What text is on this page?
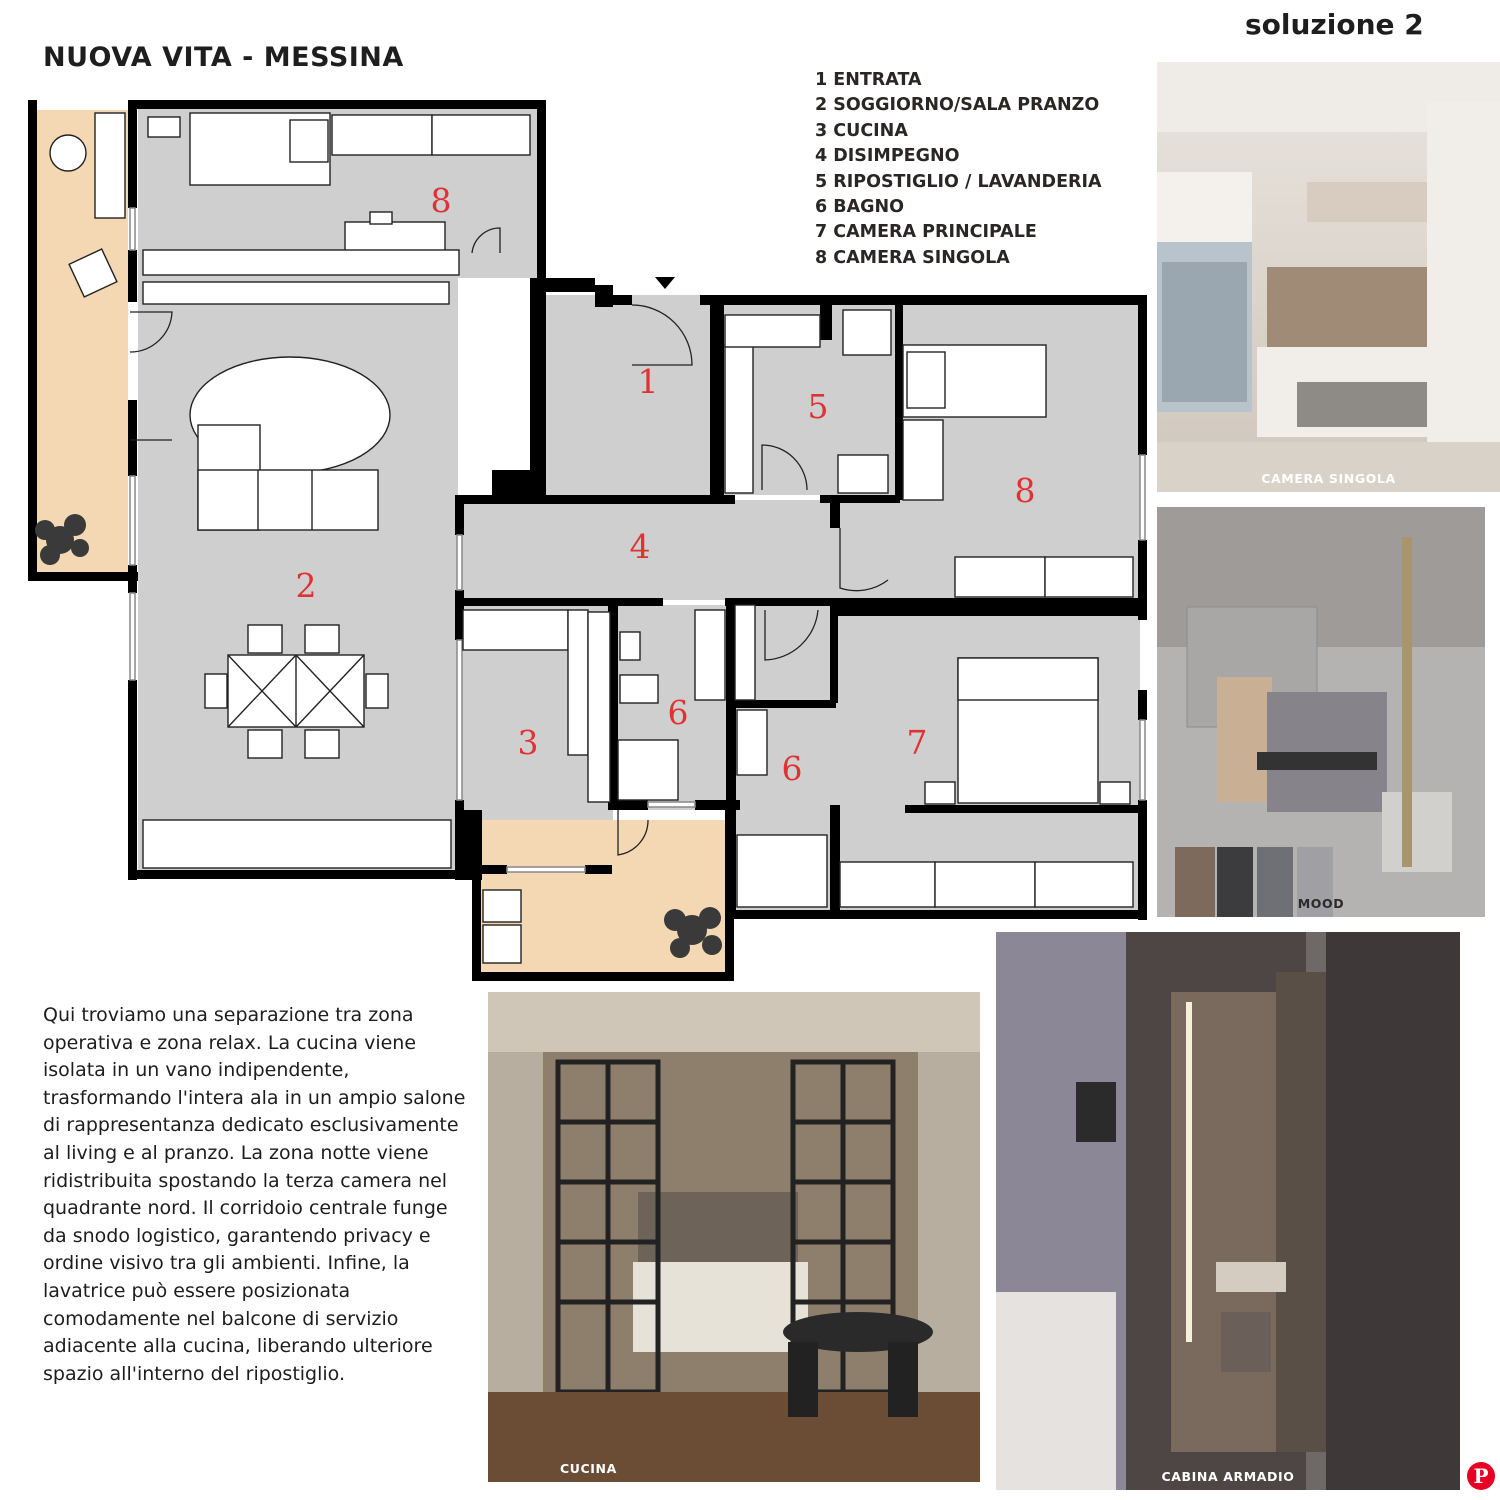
NUOVA VITA - MESSINA
soluzione 2
1 ENTRATA
2 SOGGIORNO/SALA PRANZO
3 CUCINA
4 DISIMPEGNO
5 RIPOSTIGLIO / LAVANDERIA
6 BAGNO
7 CAMERA PRINCIPALE
8 CAMERA SINGOLA
1
2
3
4
5
6
6
7
8
8	CAMERA SINGOLA
MOOD
CABINA ARMADIO
CUCINA

Qui troviamo una separazione tra zona operativa e zona relax. La cucina viene isolata in un vano indipendente, trasformando l'intera ala in un ampio salone di rappresentanza dedicato esclusivamente al living e al pranzo. La zona notte viene ridistribuita spostando la terza camera nel quadrante nord. Il corridoio centrale funge da snodo logistico, garantendo privacy e ordine visivo tra gli ambienti. Infine, la lavatrice può essere posizionata comodamente nel balcone di servizio adiacente alla cucina, liberando ulteriore spazio all'interno del ripostiglio.

P
